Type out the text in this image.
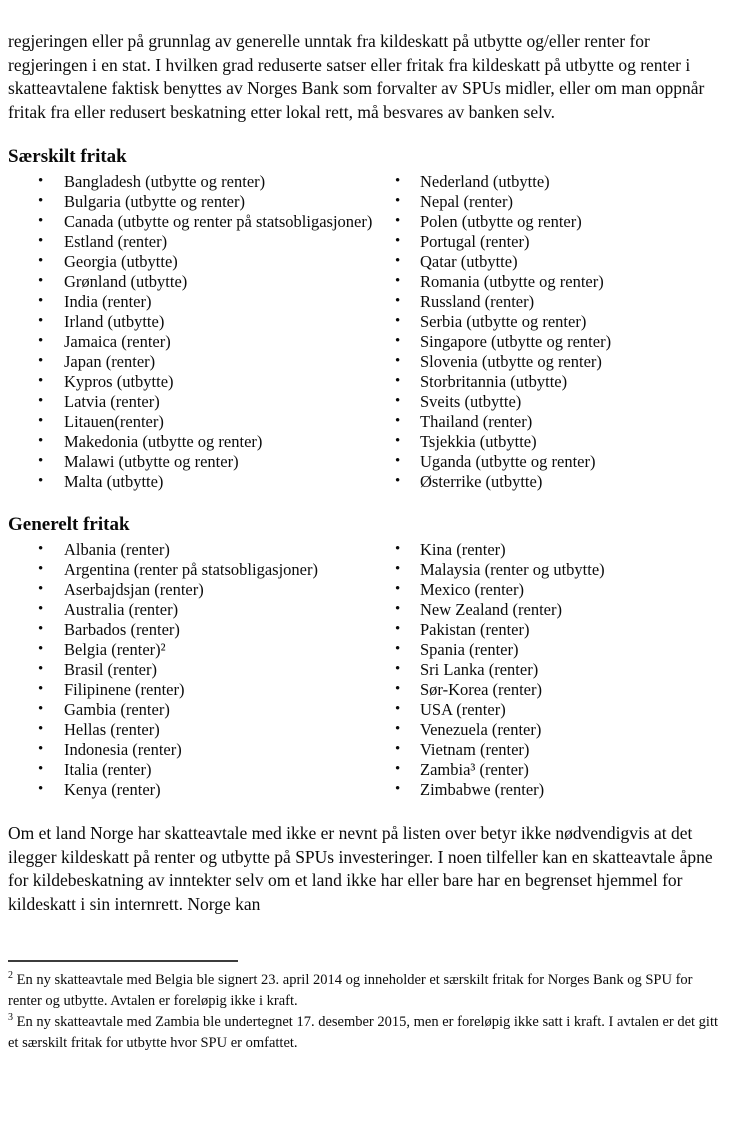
regjeringen eller på grunnlag av generelle unntak fra kildeskatt på utbytte og/eller renter for regjeringen i en stat. I hvilken grad reduserte satser eller fritak fra kildeskatt på utbytte og renter i skatteavtalene faktisk benyttes av Norges Bank som forvalter av SPUs midler, eller om man oppnår fritak fra eller redusert beskatning etter lokal rett, må besvares av banken selv.

Særskilt fritak
• Bangladesh (utbytte og renter)
• Bulgaria (utbytte og renter)
• Canada (utbytte og renter på statsobligasjoner)
• Estland (renter)
• Georgia (utbytte)
• Grønland (utbytte)
• India (renter)
• Irland (utbytte)
• Jamaica (renter)
• Japan (renter)
• Kypros (utbytte)
• Latvia (renter)
• Litauen(renter)
• Makedonia (utbytte og renter)
• Malawi (utbytte og renter)
• Malta (utbytte)
• Nederland (utbytte)
• Nepal (renter)
• Polen (utbytte og renter)
• Portugal (renter)
• Qatar (utbytte)
• Romania (utbytte og renter)
• Russland (renter)
• Serbia (utbytte og renter)
• Singapore (utbytte og renter)
• Slovenia (utbytte og renter)
• Storbritannia (utbytte)
• Sveits (utbytte)
• Thailand (renter)
• Tsjekkia (utbytte)
• Uganda (utbytte og renter)
• Østerrike (utbytte)
Generelt fritak
• Albania (renter)
• Argentina (renter på statsobligasjoner)
• Aserbajdsjan (renter)
• Australia (renter)
• Barbados (renter)
• Belgia (renter)²
• Brasil (renter)
• Filipinene (renter)
• Gambia (renter)
• Hellas (renter)
• Indonesia (renter)
• Italia (renter)
• Kenya (renter)
• Kina (renter)
• Malaysia (renter og utbytte)
• Mexico (renter)
• New Zealand (renter)
• Pakistan (renter)
• Spania (renter)
• Sri Lanka (renter)
• Sør-Korea (renter)
• USA (renter)
• Venezuela (renter)
• Vietnam (renter)
• Zambia³ (renter)
• Zimbabwe (renter)

Om et land Norge har skatteavtale med ikke er nevnt på listen over betyr ikke nødvendigvis at det ilegger kildeskatt på renter og utbytte på SPUs investeringer. I noen tilfeller kan en skatteavtale åpne for kildebeskatning av inntekter selv om et land ikke har eller bare har en begrenset hjemmel for kildeskatt i sin internrett. Norge kan

$^2$ En ny skatteavtale med Belgia ble signert 23. april 2014 og inneholder et særskilt fritak for Norges Bank og SPU for renter og utbytte. Avtalen er foreløpig ikke i kraft.

$^3$ En ny skatteavtale med Zambia ble undertegnet 17. desember 2015, men er foreløpig ikke satt i kraft. I avtalen er det gitt et særskilt fritak for utbytte hvor SPU er omfattet.
